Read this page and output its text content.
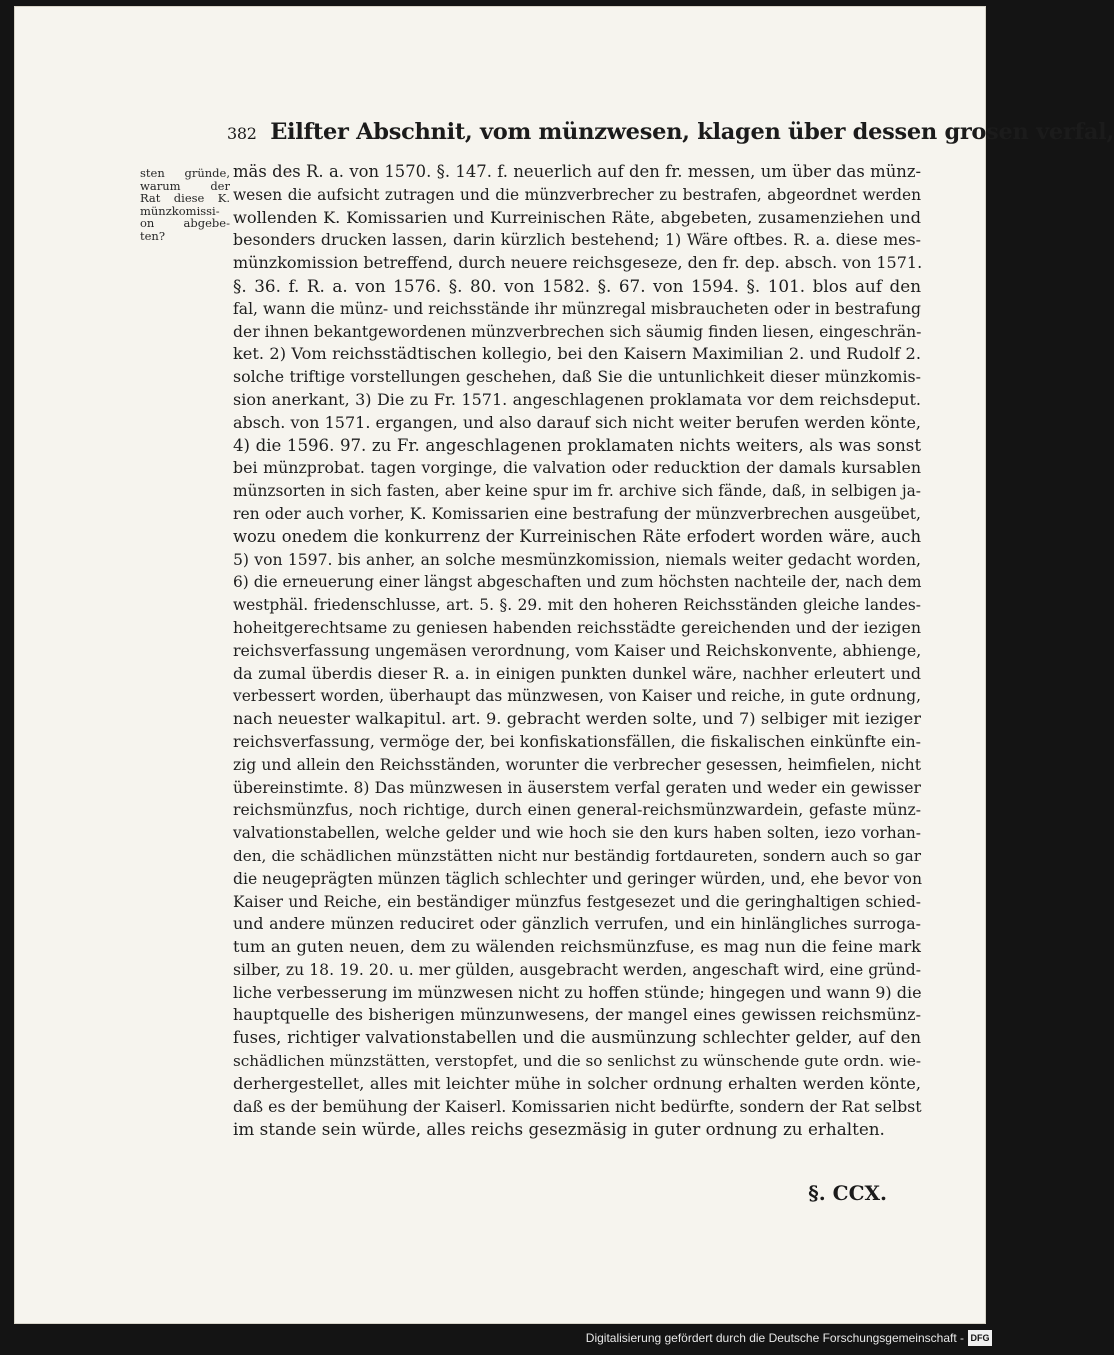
382 Eilfter Abschnit, vom münzwesen, klagen über dessen grosen verfal,
sten gründe,
warum der
Rat diese K.
münzkomissi-
on abgebe-
ten?
mäs des R. a. von 1570. §. 147. f. neuerlich auf den fr. messen, um über das münz-
wesen die aufsicht zutragen und die münzverbrecher zu bestrafen, abgeordnet werden
wollenden K. Komissarien und Kurreinischen Räte, abgebeten, zusamenziehen und
besonders drucken lassen, darin kürzlich bestehend; 1) Wäre oftbes. R. a. diese mes-
münzkomission betreffend, durch neuere reichsgeseze, den fr. dep. absch. von 1571.
§. 36. f. R. a. von 1576. §. 80. von 1582. §. 67. von 1594. §. 101. blos auf den
fal, wann die münz- und reichsstände ihr münzregal misbraucheten oder in bestrafung
der ihnen bekantgewordenen münzverbrechen sich säumig finden liesen, eingeschrän-
ket. 2) Vom reichsstädtischen kollegio, bei den Kaisern Maximilian 2. und Rudolf 2.
solche triftige vorstellungen geschehen, daß Sie die untunlichkeit dieser münzkomis-
sion anerkant, 3) Die zu Fr. 1571. angeschlagenen proklamata vor dem reichsdeput.
absch. von 1571. ergangen, und also darauf sich nicht weiter berufen werden könte,
4) die 1596. 97. zu Fr. angeschlagenen proklamaten nichts weiters, als was sonst
bei münzprobat. tagen vorginge, die valvation oder reducktion der damals kursablen
münzsorten in sich fasten, aber keine spur im fr. archive sich fände, daß, in selbigen ja-
ren oder auch vorher, K. Komissarien eine bestrafung der münzverbrechen ausgeübet,
wozu onedem die konkurrenz der Kurreinischen Räte erfodert worden wäre, auch
5) von 1597. bis anher, an solche mesmünzkomission, niemals weiter gedacht worden,
6) die erneuerung einer längst abgeschaften und zum höchsten nachteile der, nach dem
westphäl. friedenschlusse, art. 5. §. 29. mit den hoheren Reichsständen gleiche landes-
hoheitgerechtsame zu geniesen habenden reichsstädte gereichenden und der iezigen
reichsverfassung ungemäsen verordnung, vom Kaiser und Reichskonvente, abhienge,
da zumal überdis dieser R. a. in einigen punkten dunkel wäre, nachher erleutert und
verbessert worden, überhaupt das münzwesen, von Kaiser und reiche, in gute ordnung,
nach neuester walkapitul. art. 9. gebracht werden solte, und 7) selbiger mit ieziger
reichsverfassung, vermöge der, bei konfiskationsfällen, die fiskalischen einkünfte ein-
zig und allein den Reichsständen, worunter die verbrecher gesessen, heimfielen, nicht
übereinstimte. 8) Das münzwesen in äuserstem verfal geraten und weder ein gewisser
reichsmünzfus, noch richtige, durch einen general-reichsmünzwardein, gefaste münz-
valvationstabellen, welche gelder und wie hoch sie den kurs haben solten, iezo vorhan-
den, die schädlichen münzstätten nicht nur beständig fortdaureten, sondern auch so gar
die neugeprägten münzen täglich schlechter und geringer würden, und, ehe bevor von
Kaiser und Reiche, ein beständiger münzfus festgesezet und die geringhaltigen schied-
und andere münzen reduciret oder gänzlich verrufen, und ein hinlängliches surroga-
tum an guten neuen, dem zu wälenden reichsmünzfuse, es mag nun die feine mark
silber, zu 18. 19. 20. u. mer gülden, ausgebracht werden, angeschaft wird, eine gründ-
liche verbesserung im münzwesen nicht zu hoffen stünde; hingegen und wann 9) die
hauptquelle des bisherigen münzunwesens, der mangel eines gewissen reichsmünz-
fuses, richtiger valvationstabellen und die ausmünzung schlechter gelder, auf den
schädlichen münzstätten, verstopfet, und die so senlichst zu wünschende gute ordn. wie-
derhergestellet, alles mit leichter mühe in solcher ordnung erhalten werden könte,
daß es der bemühung der Kaiserl. Komissarien nicht bedürfte, sondern der Rat selbst
im stande sein würde, alles reichs gesezmäsig in guter ordnung zu erhalten.
§. CCX.
Digitalisierung gefördert durch die Deutsche Forschungsgemeinschaft - DFG
